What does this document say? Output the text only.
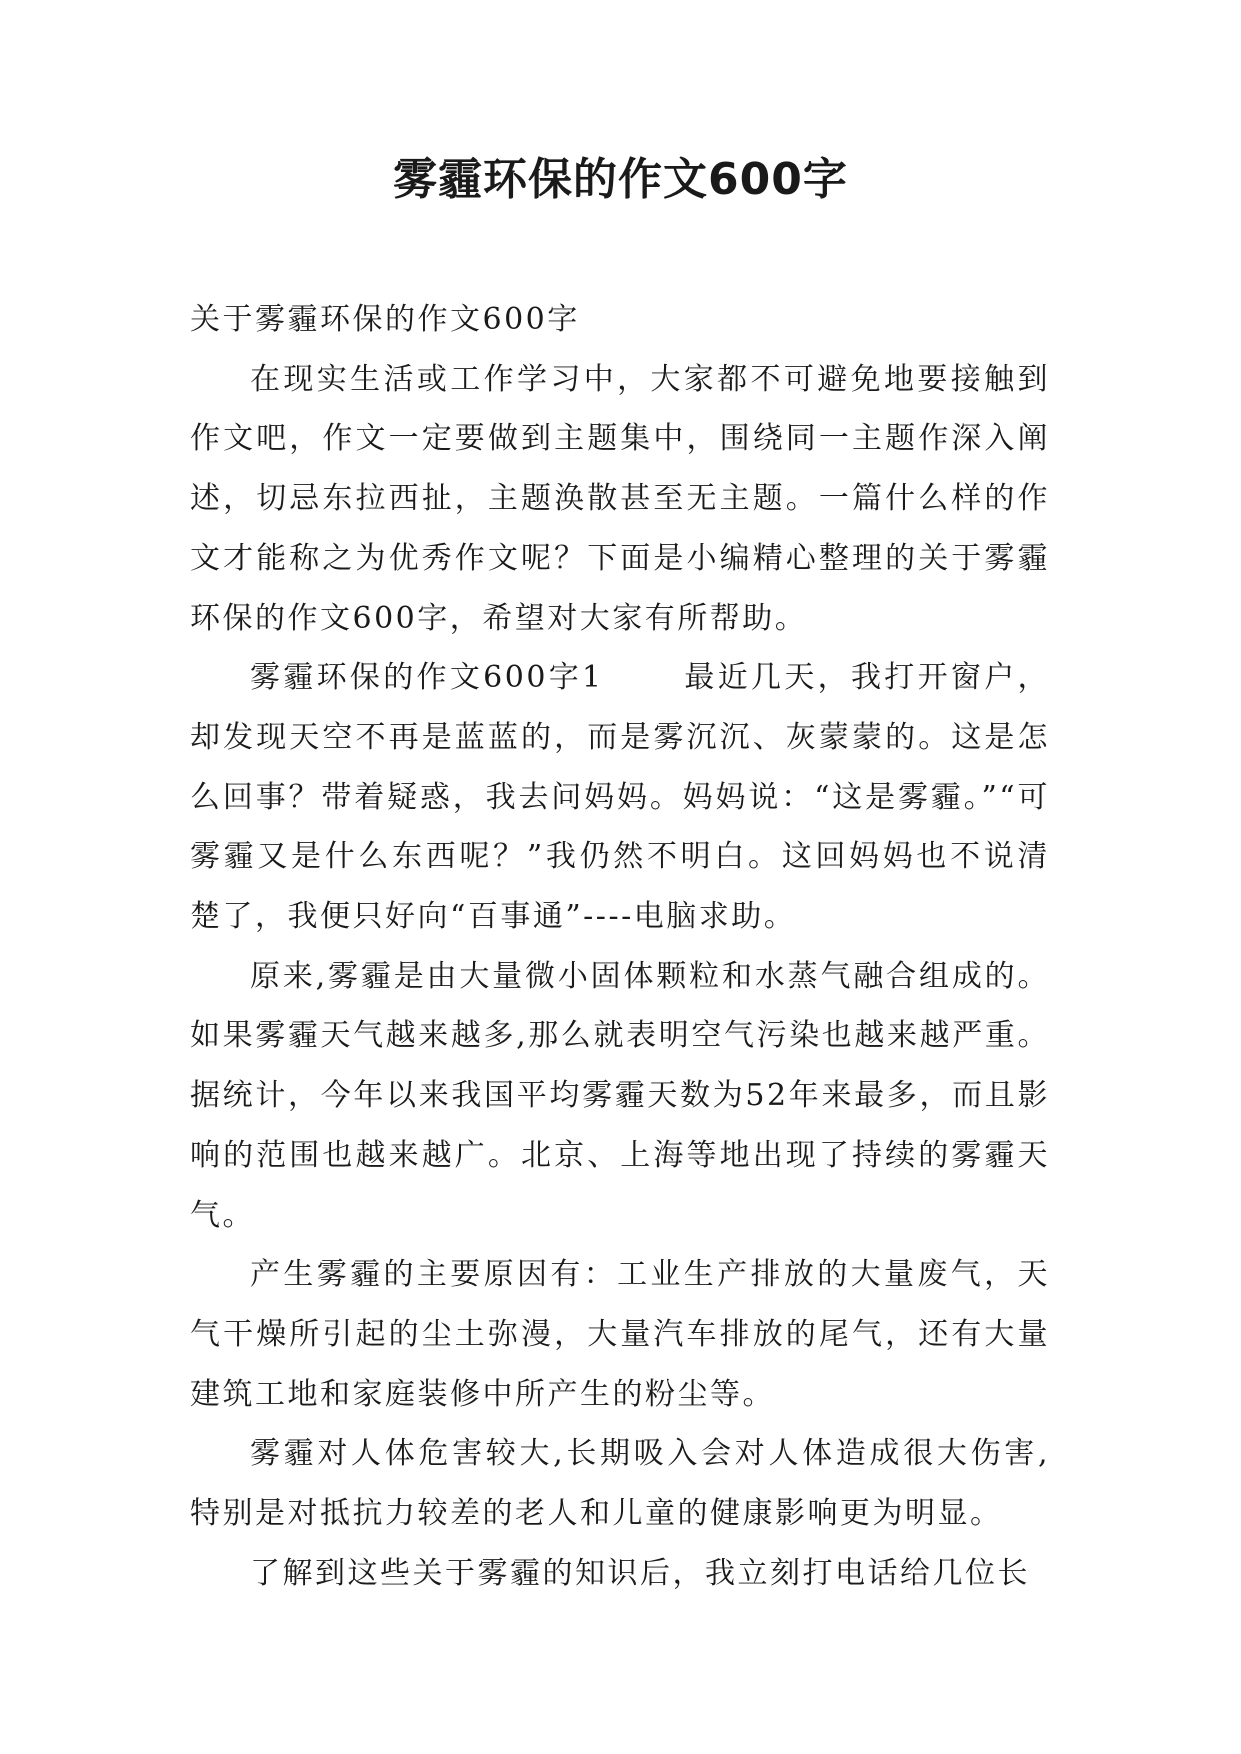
雾霾环保的作文600字

关于雾霾环保的作文600字

在现实生活或工作学习中，大家都不可避免地要接触到作文吧，作文一定要做到主题集中，围绕同一主题作深入阐述，切忌东拉西扯，主题涣散甚至无主题。一篇什么样的作文才能称之为优秀作文呢？下面是小编精心整理的关于雾霾环保的作文600字，希望对大家有所帮助。

雾霾环保的作文600字1	最近几天，我打开窗户，却发现天空不再是蓝蓝的，而是雾沉沉、灰蒙蒙的。这是怎么回事？带着疑惑，我去问妈妈。妈妈说：“这是雾霾。”“可雾霾又是什么东西呢？”我仍然不明白。这回妈妈也不说清楚了，我便只好向“百事通”----电脑求助。

原来,雾霾是由大量微小固体颗粒和水蒸气融合组成的。如果雾霾天气越来越多,那么就表明空气污染也越来越严重。据统计，今年以来我国平均雾霾天数为52年来最多，而且影响的范围也越来越广。北京、上海等地出现了持续的雾霾天气。

产生雾霾的主要原因有：工业生产排放的大量废气，天气干燥所引起的尘土弥漫，大量汽车排放的尾气，还有大量建筑工地和家庭装修中所产生的粉尘等。

雾霾对人体危害较大,长期吸入会对人体造成很大伤害,特别是对抵抗力较差的老人和儿童的健康影响更为明显。

了解到这些关于雾霾的知识后，我立刻打电话给几位长
